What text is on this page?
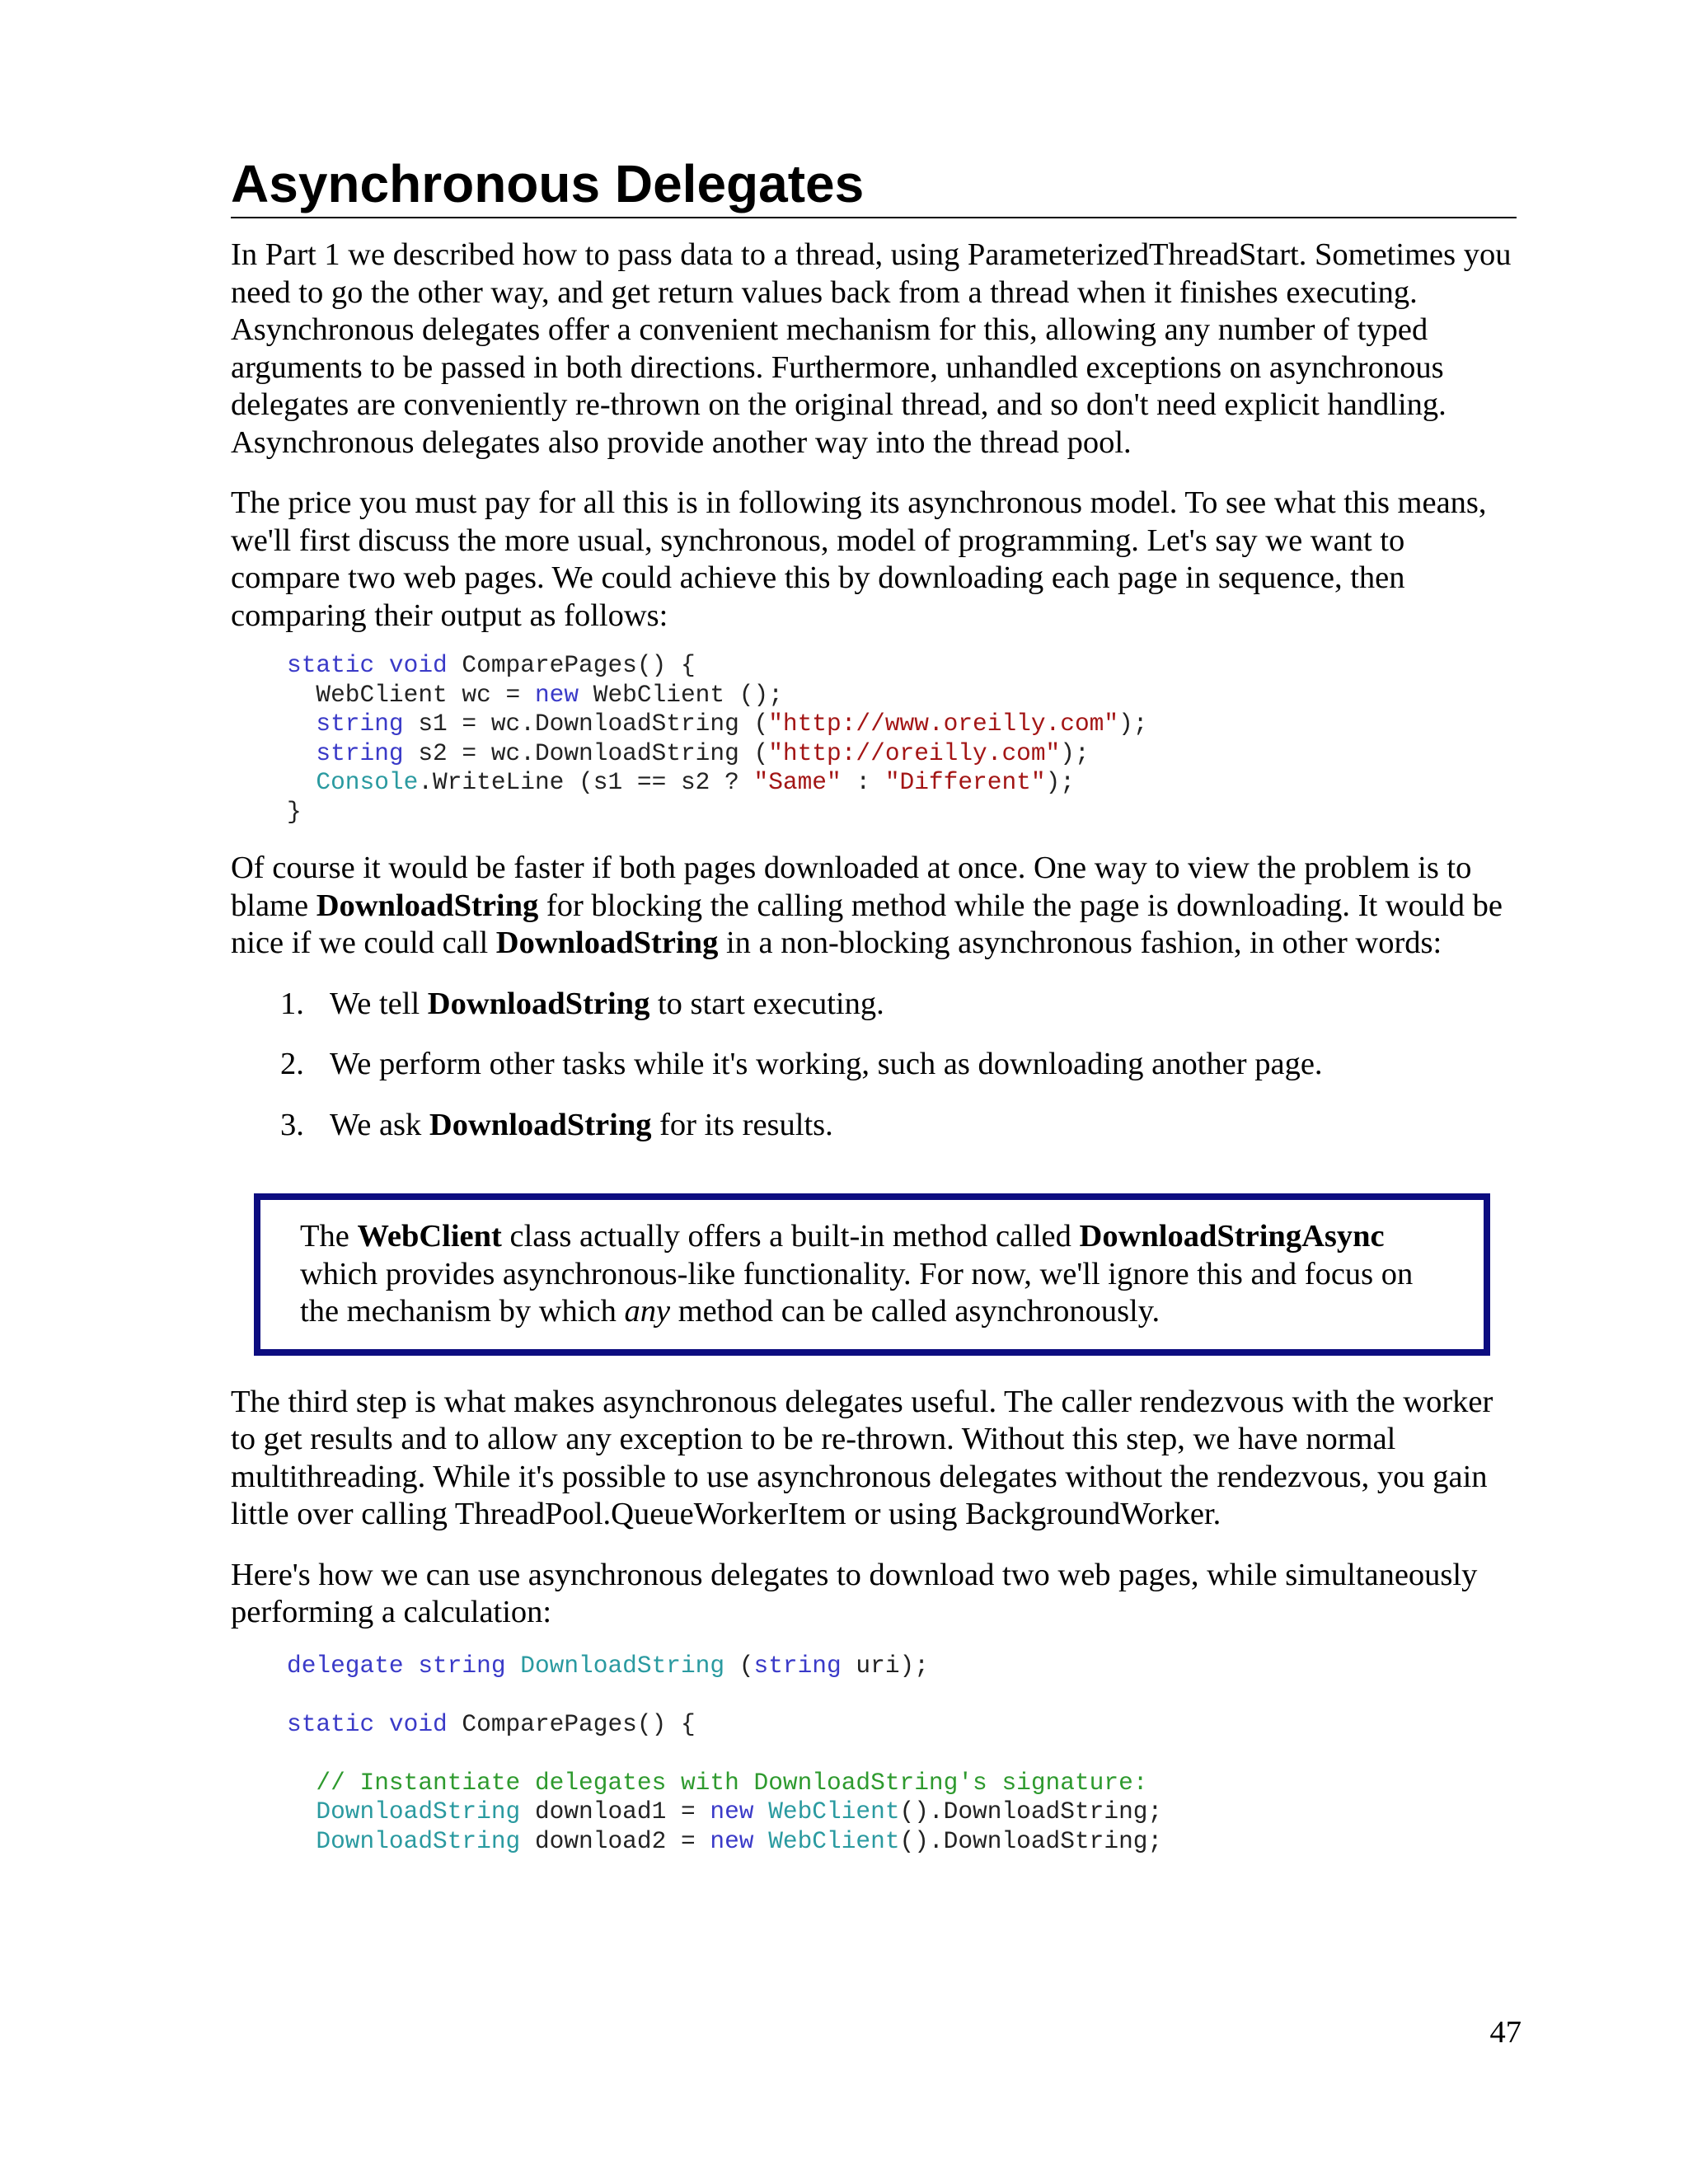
Asynchronous Delegates

In Part 1 we described how to pass data to a thread, using ParameterizedThreadStart. Sometimes you need to go the other way, and get return values back from a thread when it finishes executing. Asynchronous delegates offer a convenient mechanism for this, allowing any number of typed arguments to be passed in both directions. Furthermore, unhandled exceptions on asynchronous delegates are conveniently re-thrown on the original thread, and so don't need explicit handling. Asynchronous delegates also provide another way into the thread pool.

The price you must pay for all this is in following its asynchronous model. To see what this means, we'll first discuss the more usual, synchronous, model of programming. Let's say we want to compare two web pages. We could achieve this by downloading each page in sequence, then comparing their output as follows:

static void ComparePages() {
WebClient wc = new WebClient ();
string s1 = wc.DownloadString ("http://www.oreilly.com");
string s2 = wc.DownloadString ("http://oreilly.com");
Console.WriteLine (s1 == s2 ? "Same" : "Different");
}

Of course it would be faster if both pages downloaded at once. One way to view the problem is to blame DownloadString for blocking the calling method while the page is downloading. It would be nice if we could call DownloadString in a non-blocking asynchronous fashion, in other words:

1. We tell DownloadString to start executing.
2. We perform other tasks while it's working, such as downloading another page.
3. We ask DownloadString for its results.

The WebClient class actually offers a built-in method called DownloadStringAsync which provides asynchronous-like functionality. For now, we'll ignore this and focus on the mechanism by which any method can be called asynchronously.

The third step is what makes asynchronous delegates useful. The caller rendezvous with the worker to get results and to allow any exception to be re-thrown. Without this step, we have normal multithreading. While it's possible to use asynchronous delegates without the rendezvous, you gain little over calling ThreadPool.QueueWorkerItem or using BackgroundWorker.

Here's how we can use asynchronous delegates to download two web pages, while simultaneously performing a calculation:

delegate string DownloadString (string uri);

static void ComparePages() {

// Instantiate delegates with DownloadString's signature:
DownloadString download1 = new WebClient().DownloadString;
DownloadString download2 = new WebClient().DownloadString;
47
